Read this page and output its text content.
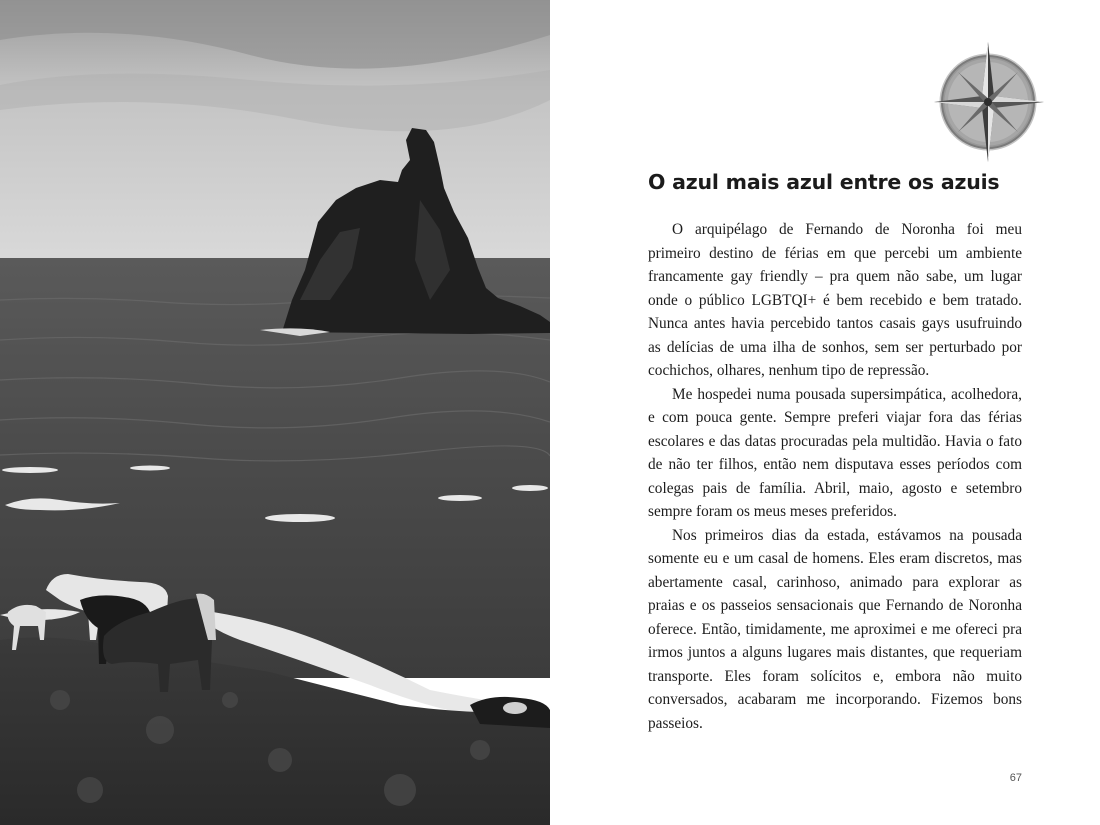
O azul mais azul entre os azuis

O arquipélago de Fernando de Noronha foi meu primeiro destino de férias em que percebi um ambiente francamente gay friendly – pra quem não sabe, um lugar onde o público LGBTQI+ é bem recebido e bem tratado. Nunca antes havia percebido tantos casais gays usufruindo as delícias de uma ilha de sonhos, sem ser perturbado por cochichos, olhares, nenhum tipo de repressão.

Me hospedei numa pousada supersimpática, acolhedora, e com pouca gente. Sempre preferi viajar fora das férias escolares e das datas procuradas pela multidão. Havia o fato de não ter filhos, então nem disputava esses períodos com colegas pais de família. Abril, maio, agosto e setembro sempre foram os meus meses preferidos.

Nos primeiros dias da estada, estávamos na pousada somente eu e um casal de homens. Eles eram discretos, mas abertamente casal, carinhoso, animado para explorar as praias e os passeios sensacionais que Fernando de Noronha oferece. Então, timidamente, me aproximei e me ofereci pra irmos juntos a alguns lugares mais distantes, que requeriam transporte. Eles foram solícitos e, embora não muito conversados, acabaram me incorporando. Fizemos bons passeios.

67
